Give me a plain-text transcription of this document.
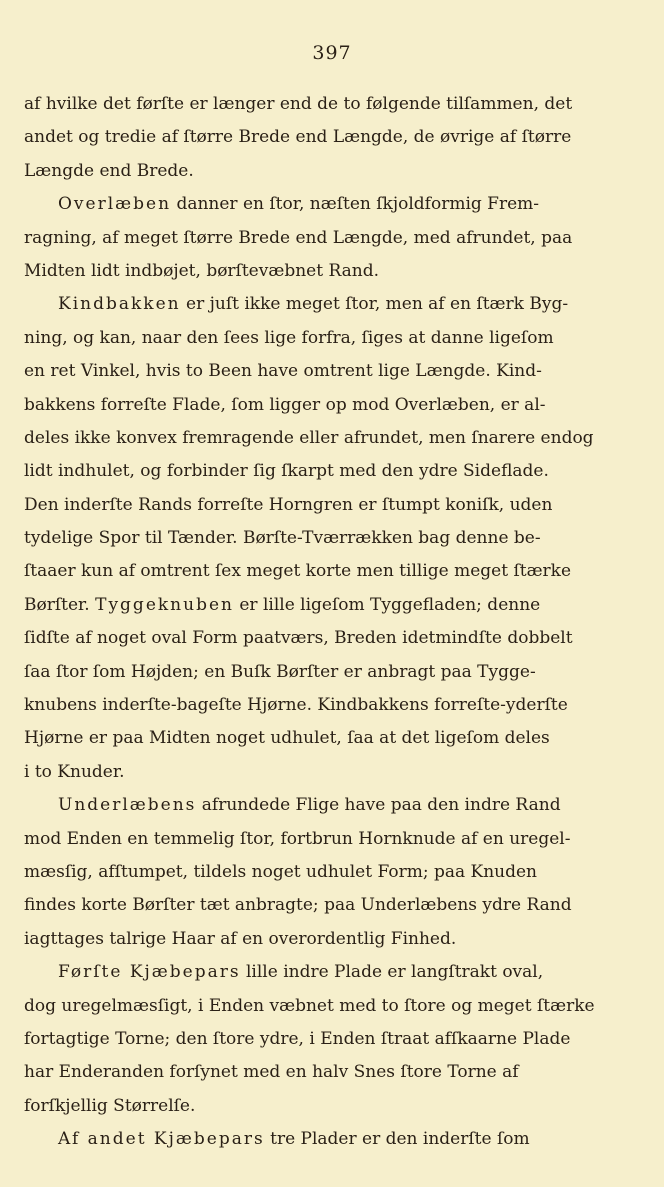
397
af hvilke det førſte er længer end de to følgende tilſammen, det
andet og tredie af ſtørre Brede end Længde, de øvrige af ſtørre
Længde end Brede.
Overlæben danner en ſtor, næſten ſkjoldformig Frem-
ragning, af meget ſtørre Brede end Længde, med afrundet, paa
Midten lidt indbøjet, børſtevæbnet Rand.
Kindbakken er juſt ikke meget ſtor, men af en ſtærk Byg-
ning, og kan, naar den ſees lige forfra, ſiges at danne ligeſom
en ret Vinkel, hvis to Been have omtrent lige Længde. Kind-
bakkens forreſte Flade, ſom ligger op mod Overlæben, er al-
deles ikke konvex fremragende eller afrundet, men ſnarere endog
lidt indhulet, og forbinder ſig ſkarpt med den ydre Sideflade.
Den inderſte Rands forreſte Horngren er ſtumpt koniſk, uden
tydelige Spor til Tænder. Børſte-Tværrækken bag denne be-
ſtaaer kun af omtrent ſex meget korte men tillige meget ſtærke
Børſter. Tyggeknuben er lille ligeſom Tyggefladen; denne
ſidſte af noget oval Form paatværs, Breden idetmindſte dobbelt
ſaa ſtor ſom Højden; en Buſk Børſter er anbragt paa Tygge-
knubens inderſte-bageſte Hjørne. Kindbakkens forreſte-yderſte
Hjørne er paa Midten noget udhulet, ſaa at det ligeſom deles
i to Knuder.
Underlæbens afrundede Flige have paa den indre Rand
mod Enden en temmelig ſtor, fortbrun Hornknude af en uregel-
mæsſig, afſtumpet, tildels noget udhulet Form; paa Knuden
findes korte Børſter tæt anbragte; paa Underlæbens ydre Rand
iagttages talrige Haar af en overordentlig Finhed.
Førſte Kjæbepars lille indre Plade er langſtrakt oval,
dog uregelmæsſigt, i Enden væbnet med to ſtore og meget ſtærke
fortagtige Torne; den ſtore ydre, i Enden ſtraat afſkaarne Plade
har Enderanden forſynet med en halv Snes ſtore Torne af
forſkjellig Størrelſe.
Af andet Kjæbepars tre Plader er den inderſte ſom
